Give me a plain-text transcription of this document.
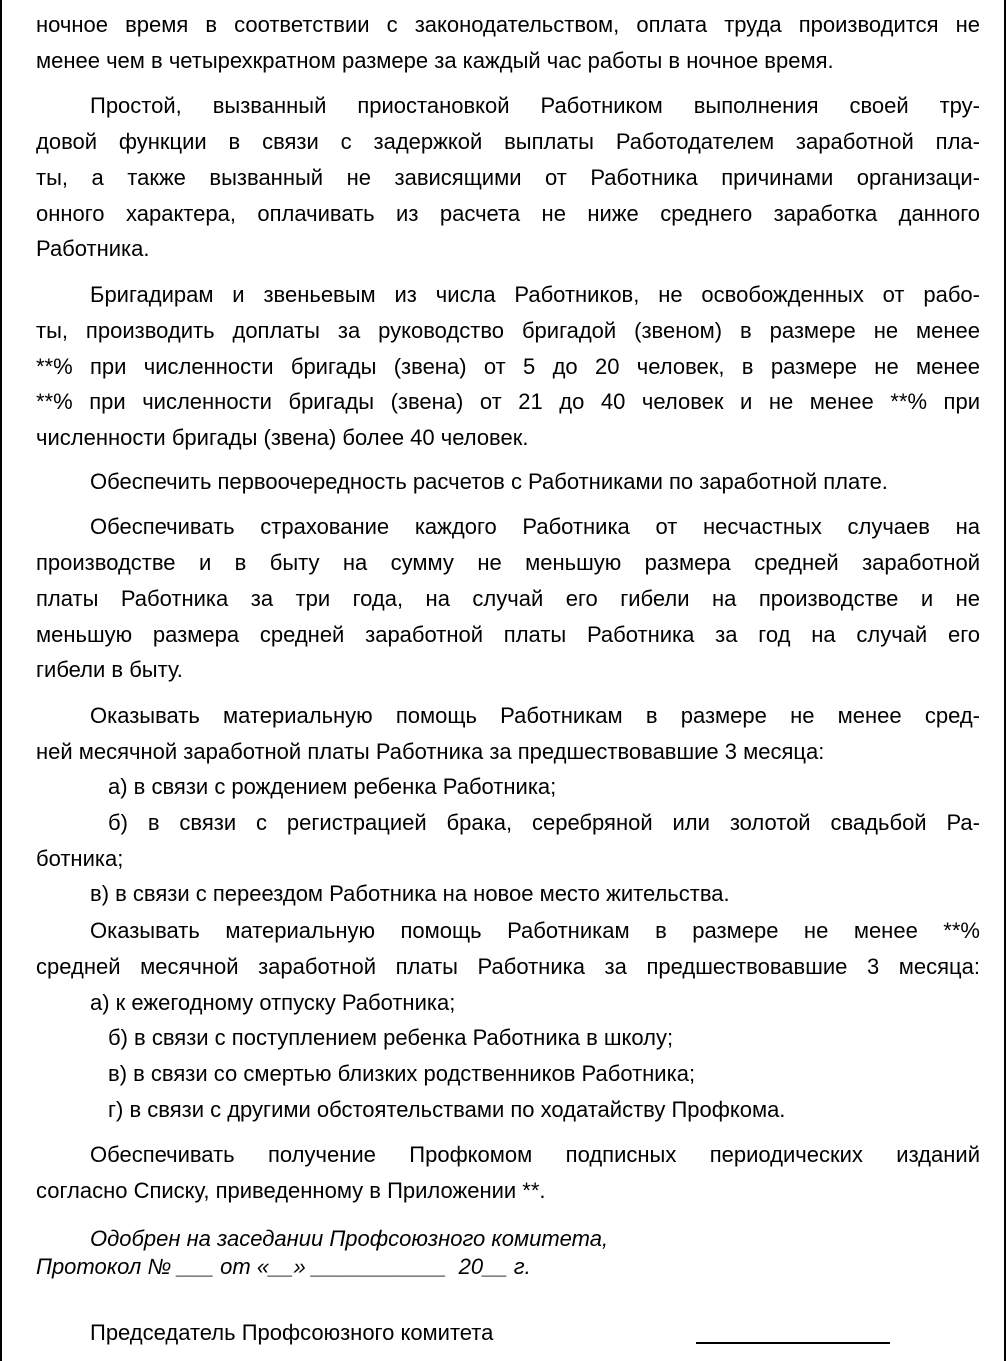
ночное время в соответствии с законодательством, оплата труда производится не
менее чем в четырехкратном размере за каждый час работы в ночное время.
Простой, вызванный приостановкой Работником выполнения своей тру-
довой функции в связи с задержкой выплаты Работодателем заработной пла-
ты, а также вызванный не зависящими от Работника причинами организаци-
онного характера, оплачивать из расчета не ниже среднего заработка данного
Работника.
Бригадирам и звеньевым из числа Работников, не освобожденных от рабо-
ты, производить доплаты за руководство бригадой (звеном) в размере не менее
**% при численности бригады (звена) от 5 до 20 человек, в размере не менее
**% при численности бригады (звена) от 21 до 40 человек и не менее **% при
численности бригады (звена) более 40 человек.
Обеспечить первоочередность расчетов с Работниками по заработной плате.
Обеспечивать страхование каждого Работника от несчастных случаев на
производстве и в быту на сумму не меньшую размера средней заработной
платы Работника за три года, на случай его гибели на производстве и не
меньшую размера средней заработной платы Работника за год на случай его
гибели в быту.
Оказывать материальную помощь Работникам в размере не менее сред-
ней месячной заработной платы Работника за предшествовавшие 3 месяца:
а) в связи с рождением ребенка Работника;
б) в связи с регистрацией брака, серебряной или золотой свадьбой Ра-
ботника;
в) в связи с переездом Работника на новое место жительства.
Оказывать материальную помощь Работникам в размере не менее **%
средней месячной заработной платы Работника за предшествовавшие 3 месяца:
а) к ежегодному отпуску Работника;
б) в связи с поступлением ребенка Работника в школу;
в) в связи со смертью близких родственников Работника;
г) в связи с другими обстоятельствами по ходатайству Профкома.
Обеспечивать получение Профкомом подписных периодических изданий
согласно Списку, приведенному в Приложении **.
Одобрен на заседании Профсоюзного комитета,
Протокол № ___ от «__» ___________  20__ г.
Председатель Профсоюзного комитета
